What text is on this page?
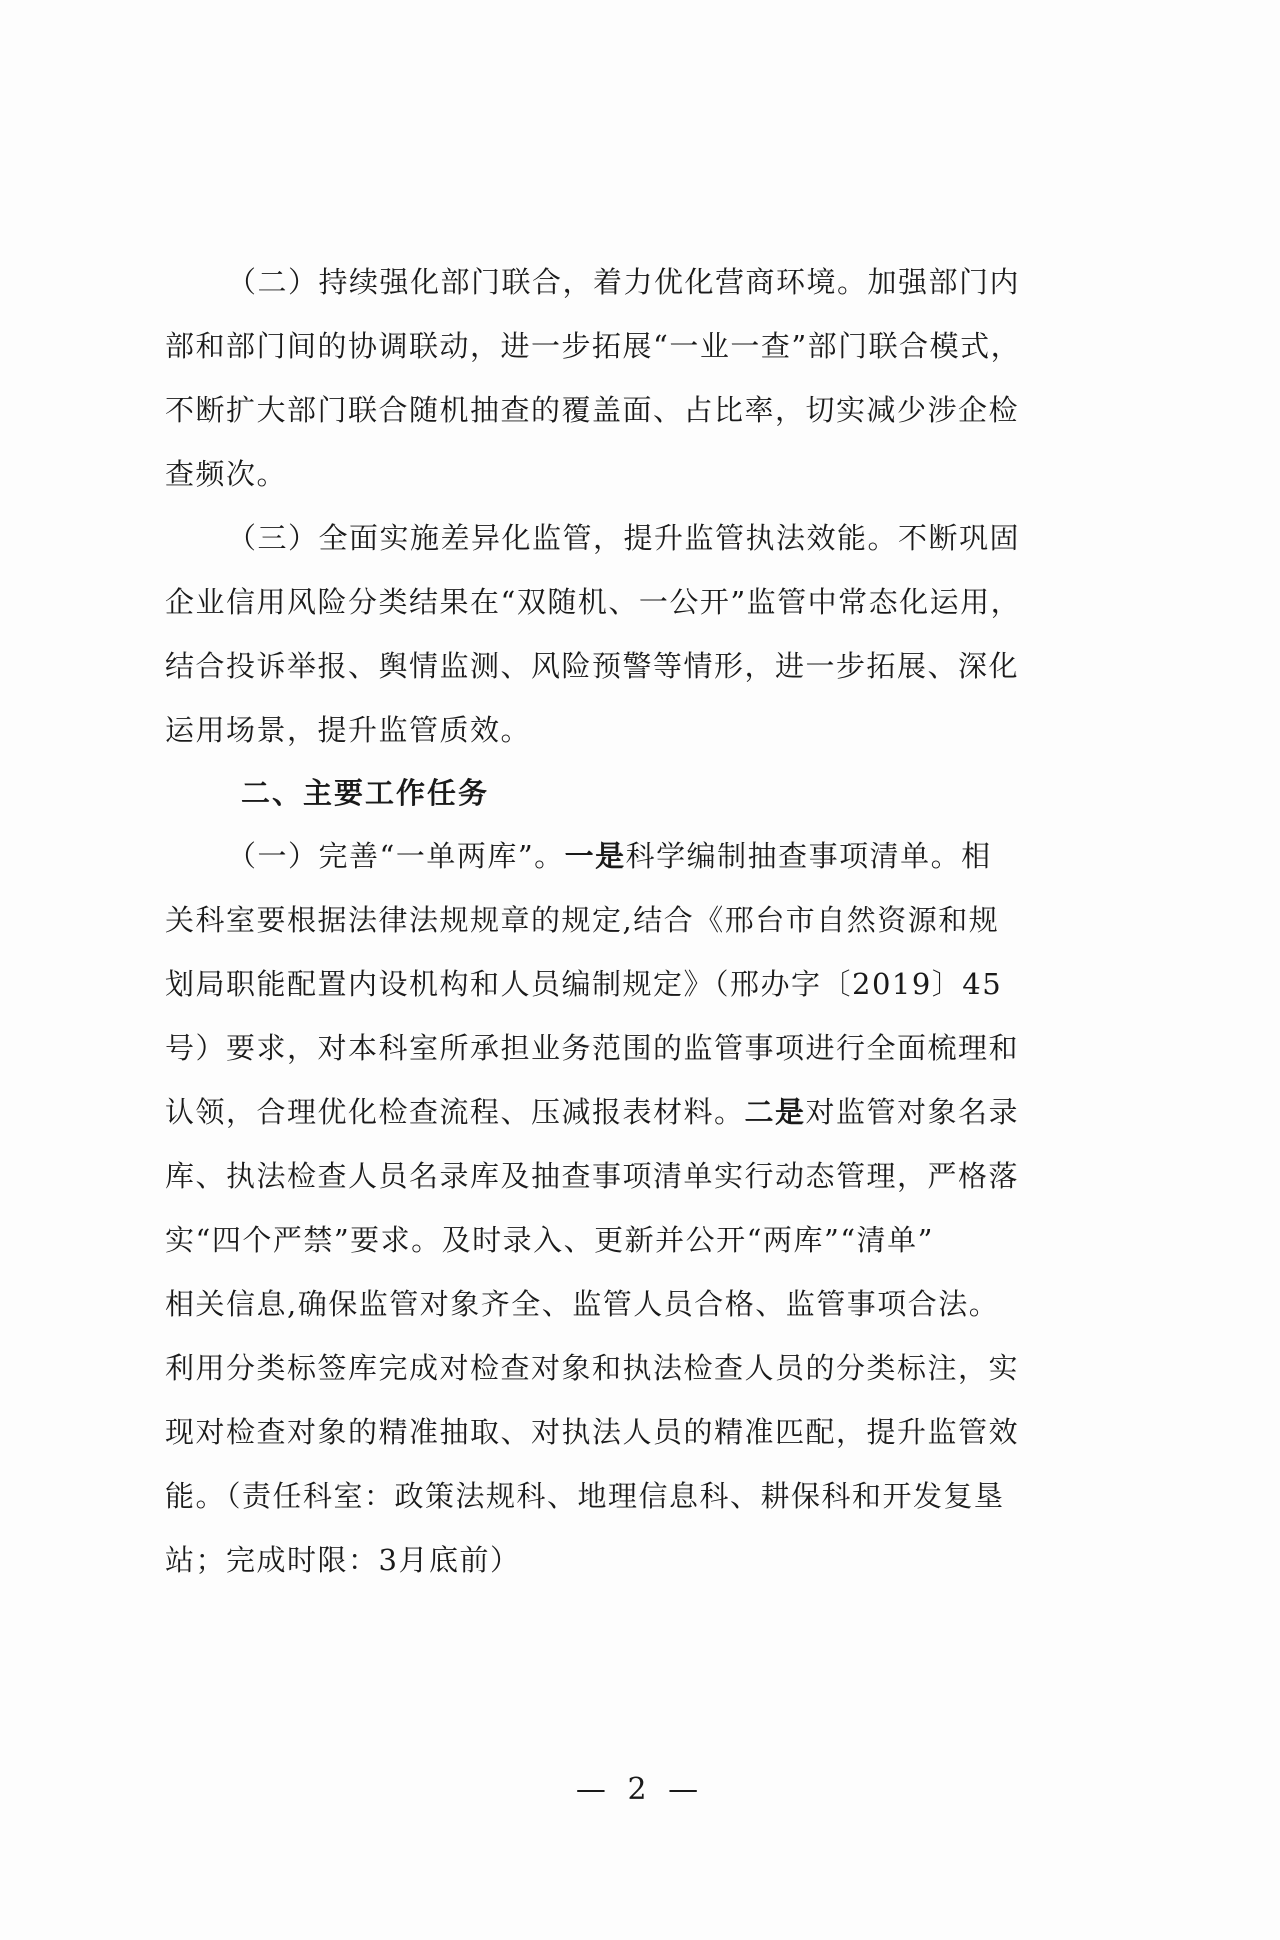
（二）持续强化部门联合，着力优化营商环境。加强部门内
部和部门间的协调联动，进一步拓展“一业一查”部门联合模式，
不断扩大部门联合随机抽查的覆盖面、占比率，切实减少涉企检
查频次。
（三）全面实施差异化监管，提升监管执法效能。不断巩固
企业信用风险分类结果在“双随机、一公开”监管中常态化运用，
结合投诉举报、舆情监测、风险预警等情形，进一步拓展、深化
运用场景，提升监管质效。
二、主要工作任务
（一）完善“一单两库”。一是科学编制抽查事项清单。相
关科室要根据法律法规规章的规定,结合《邢台市自然资源和规
划局职能配置内设机构和人员编制规定》（邢办字〔2019〕45
号）要求，对本科室所承担业务范围的监管事项进行全面梳理和
认领，合理优化检查流程、压减报表材料。二是对监管对象名录
库、执法检查人员名录库及抽查事项清单实行动态管理，严格落
实“四个严禁”要求。及时录入、更新并公开“两库”“清单”
相关信息,确保监管对象齐全、监管人员合格、监管事项合法。
利用分类标签库完成对检查对象和执法检查人员的分类标注，实
现对检查对象的精准抽取、对执法人员的精准匹配，提升监管效
能。（责任科室：政策法规科、地理信息科、耕保科和开发复垦
站；完成时限：3月底前）
— 2 —
